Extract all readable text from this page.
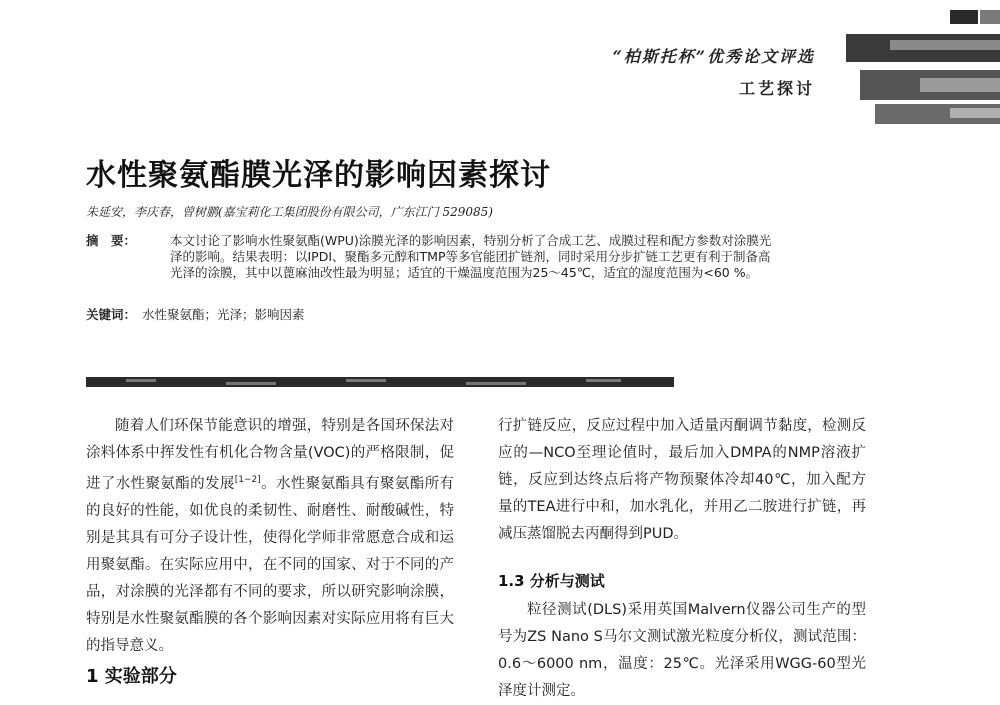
“柏斯托杯”优秀论文评选
工艺探讨
水性聚氨酯膜光泽的影响因素探讨
朱延安，李庆春，曾树鹏(嘉宝莉化工集团股份有限公司，广东江门 529085)
摘　要：	本文讨论了影响水性聚氨酯(WPU)涂膜光泽的影响因素，特别分析了合成工艺、成膜过程和配方参数对涂膜光泽的影响。结果表明：以IPDI、聚酯多元醇和TMP等多官能团扩链剂，同时采用分步扩链工艺更有利于制备高光泽的涂膜，其中以蓖麻油改性最为明显；适宜的干燥温度范围为25～45℃，适宜的湿度范围为<60 %。
关键词： 水性聚氨酯；光泽；影响因素

随着人们环保节能意识的增强，特别是各国环保法对涂料体系中挥发性有机化合物含量(VOC)的严格限制，促进了水性聚氨酯的发展[1−2]。水性聚氨酯具有聚氨酯所有的良好的性能，如优良的柔韧性、耐磨性、耐酸碱性，特别是其具有可分子设计性，使得化学师非常愿意合成和运用聚氨酯。在实际应用中，在不同的国家、对于不同的产品，对涂膜的光泽都有不同的要求，所以研究影响涂膜，特别是水性聚氨酯膜的各个影响因素对实际应用将有巨大的指导意义。

1 实验部分

行扩链反应，反应过程中加入适量丙酮调节黏度，检测反应的—NCO至理论值时，最后加入DMPA的NMP溶液扩链，反应到达终点后将产物预聚体冷却40℃，加入配方量的TEA进行中和，加水乳化，并用乙二胺进行扩链，再减压蒸馏脱去丙酮得到PUD。

1.3 分析与测试

粒径测试(DLS)采用英国Malvern仪器公司生产的型号为ZS Nano S马尔文测试激光粒度分析仪，测试范围：0.6～6000 nm，温度：25℃。光泽采用WGG-60型光泽度计测定。
